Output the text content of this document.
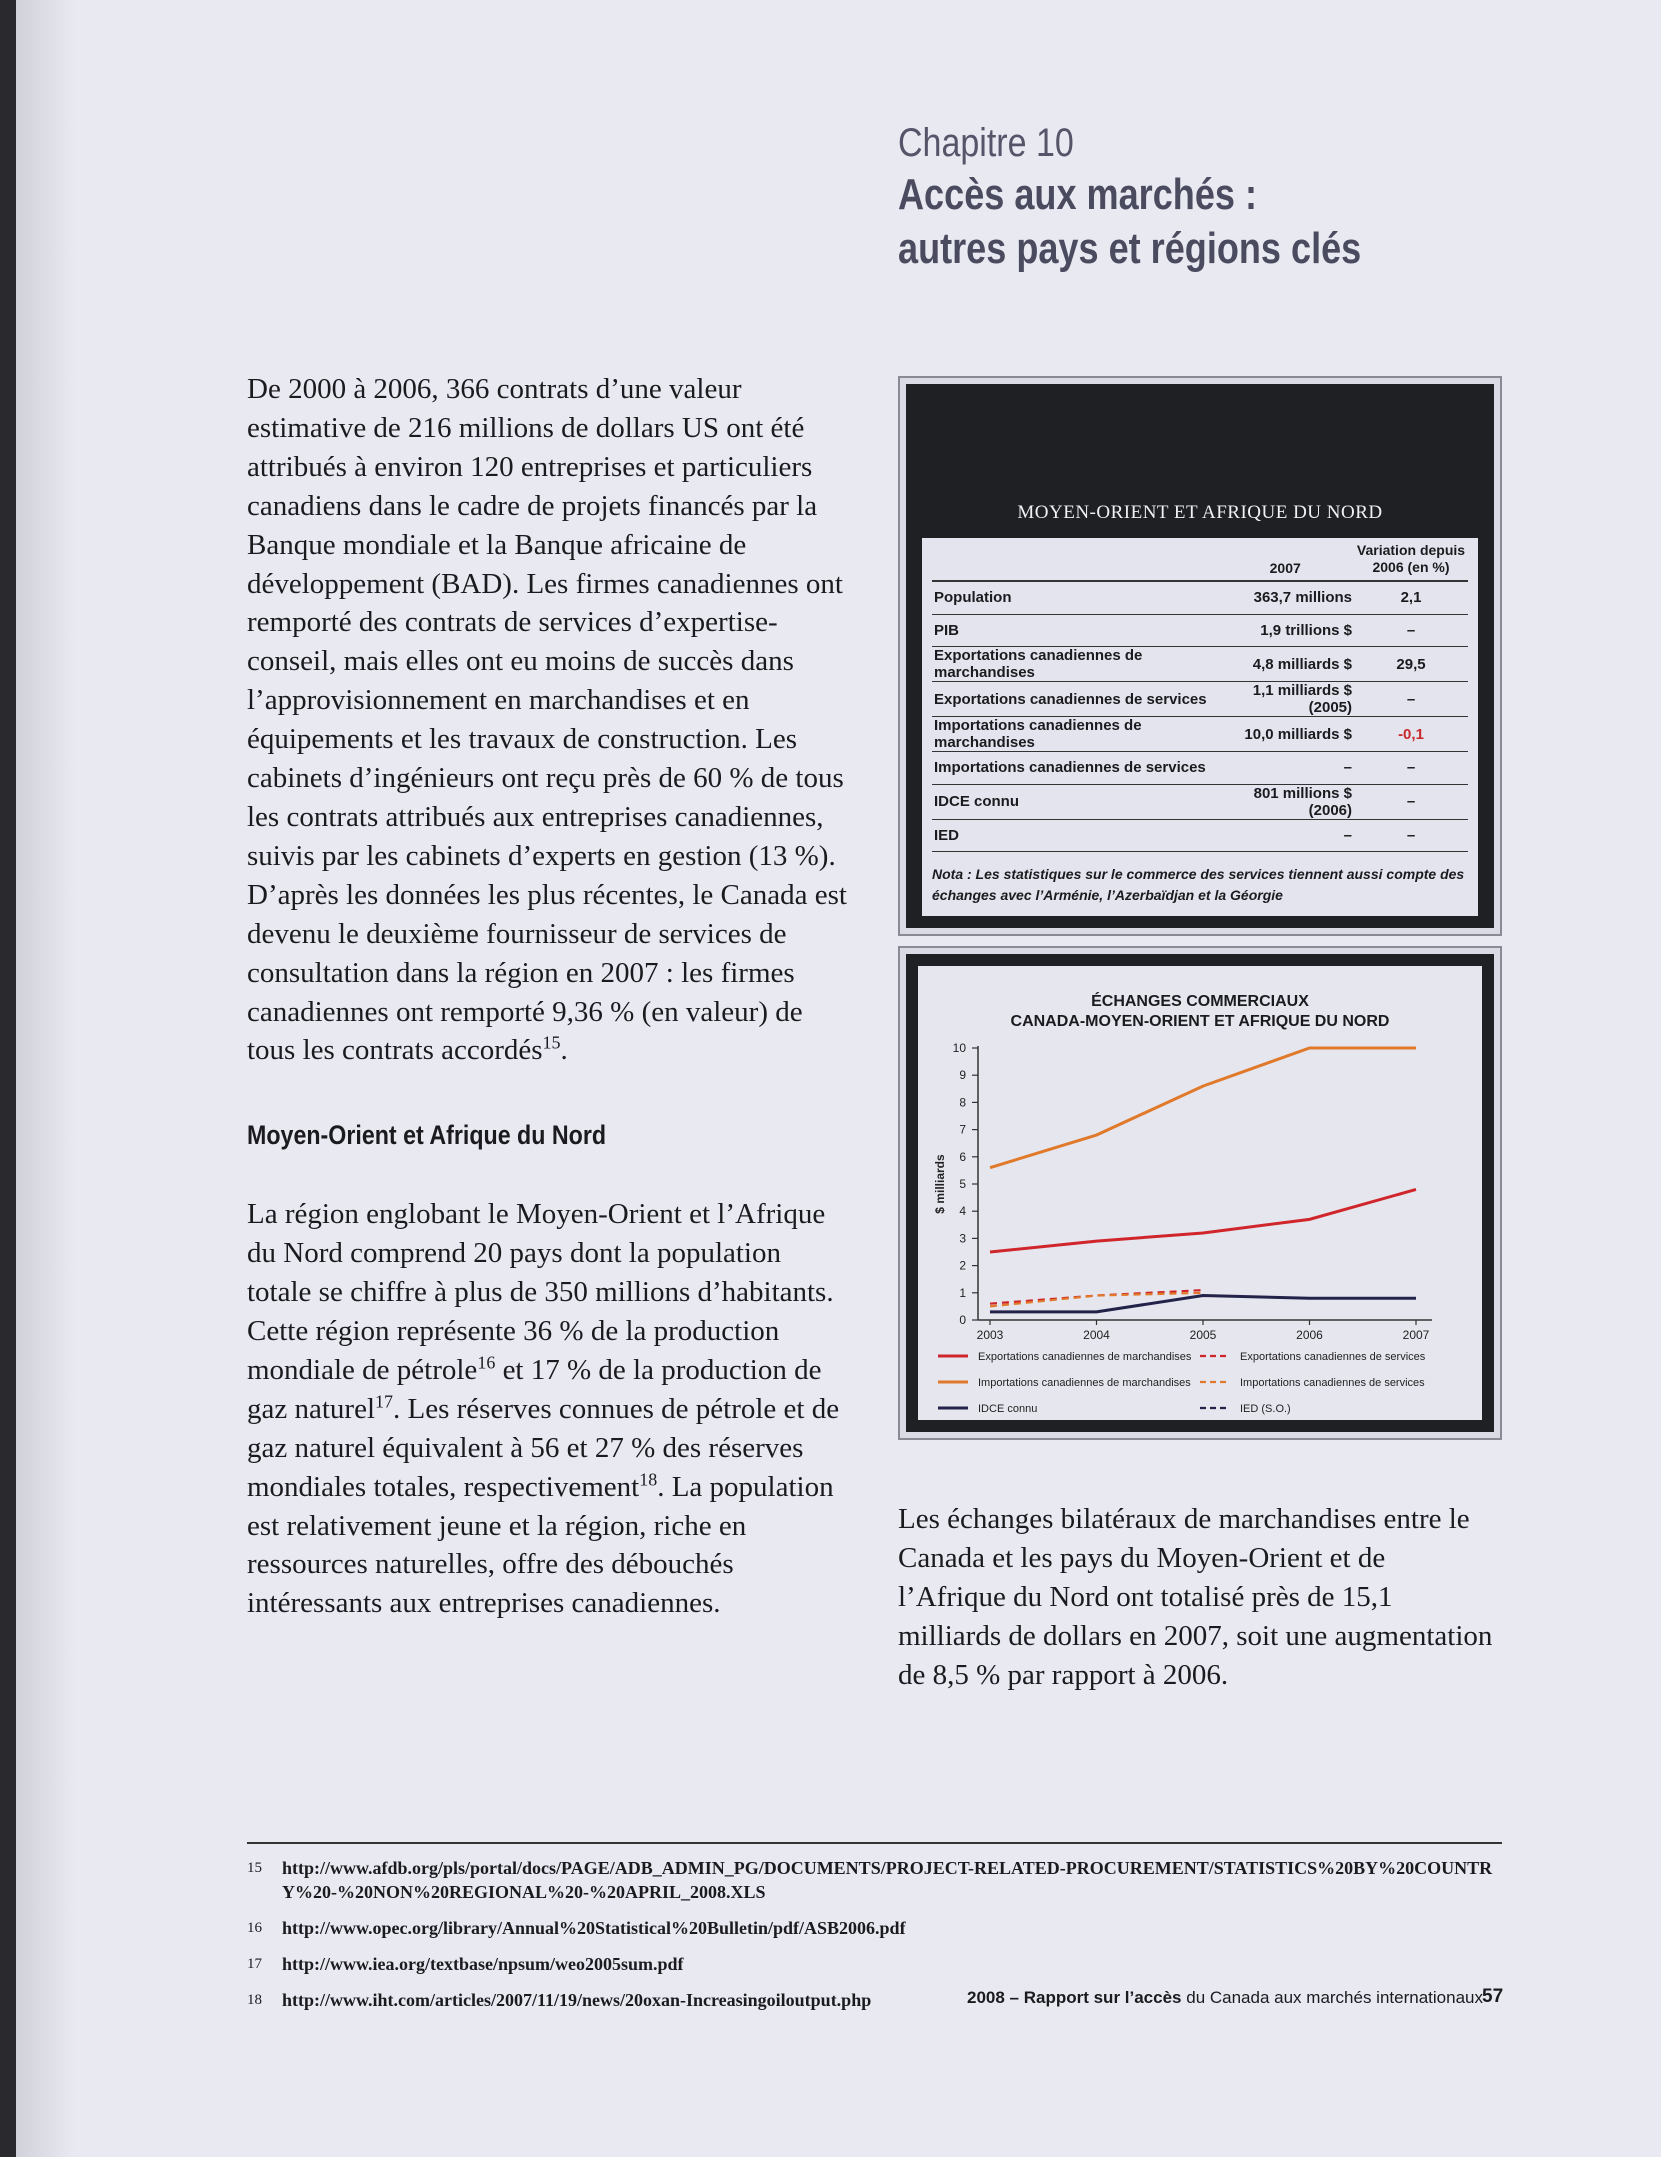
Chapitre 10
Accès aux marchés :
autres pays et régions clés

De 2000 à 2006, 366 contrats d’une valeur estimative de 216 millions de dollars US ont été attribués à environ 120 entreprises et particuliers canadiens dans le cadre de projets financés par la Banque mondiale et la Banque africaine de développement (BAD). Les firmes canadiennes ont remporté des contrats de services d’expertise-conseil, mais elles ont eu moins de succès dans l’approvisionnement en marchandises et en équipements et les travaux de construction. Les cabinets d’ingénieurs ont reçu près de 60 % de tous les contrats attribués aux entreprises canadiennes, suivis par les cabinets d’experts en gestion (13 %). D’après les données les plus récentes, le Canada est devenu le deuxième fournisseur de services de consultation dans la région en 2007 : les firmes canadiennes ont remporté 9,36 % (en valeur) de tous les contrats accordés$^{15}$.

Moyen-Orient et Afrique du Nord

La région englobant le Moyen-Orient et l’Afrique du Nord comprend 20 pays dont la population totale se chiffre à plus de 350 millions d’habitants. Cette région représente 36 % de la production mondiale de pétrole$^{16}$ et 17 % de la production de gaz naturel$^{17}$. Les réserves connues de pétrole et de gaz naturel équivalent à 56 et 27 % des réserves mondiales totales, respectivement$^{18}$. La population est relativement jeune et la région, riche en ressources naturelles, offre des débouchés intéressants aux entreprises canadiennes.

MOYEN-ORIENT ET AFRIQUE DU NORD
	2007	Variation depuis 2006 (en %)
Population	363,7 millions	2,1
PIB	1,9 trillions $	–
Exportations canadiennes de marchandises	4,8 milliards $	29,5
Exportations canadiennes de services	1,1 milliards $ (2005)	–
Importations canadiennes de marchandises	10,0 milliards $	-0,1
Importations canadiennes de services	–	–
IDCE connu	801 millions $ (2006)	–
IED	–	–
Nota : Les statistiques sur le commerce des services tiennent aussi compte des échanges avec l’Arménie, l’Azerbaïdjan et la Géorgie
ÉCHANGES COMMERCIAUX
CANADA-MOYEN-ORIENT ET AFRIQUE DU NORD
0
1
2
3
4
5
6
7
8
9
10
2003	2004	2005	2006	2007
$ milliards
Exportations canadiennes de marchandises
Importations canadiennes de marchandises
IDCE connu
Exportations canadiennes de services
Importations canadiennes de services
IED (S.O.)

Les échanges bilatéraux de marchandises entre le Canada et les pays du Moyen-Orient et de l’Afrique du Nord ont totalisé près de 15,1 milliards de dollars en 2007, soit une augmentation de 8,5 % par rapport à 2006.

15	http://www.afdb.org/pls/portal/docs/PAGE/ADB_ADMIN_PG/DOCUMENTS/PROJECT-RELATED-PROCUREMENT/STATISTICS%20BY%20COUNTRY%20-%20NON%20REGIONAL%20-%20APRIL_2008.XLS
16	http://www.opec.org/library/Annual%20Statistical%20Bulletin/pdf/ASB2006.pdf
17	http://www.iea.org/textbase/npsum/weo2005sum.pdf
18	http://www.iht.com/articles/2007/11/19/news/20oxan-Increasingoiloutput.php	2008 – Rapport sur l’accès du Canada aux marchés internationaux 57
